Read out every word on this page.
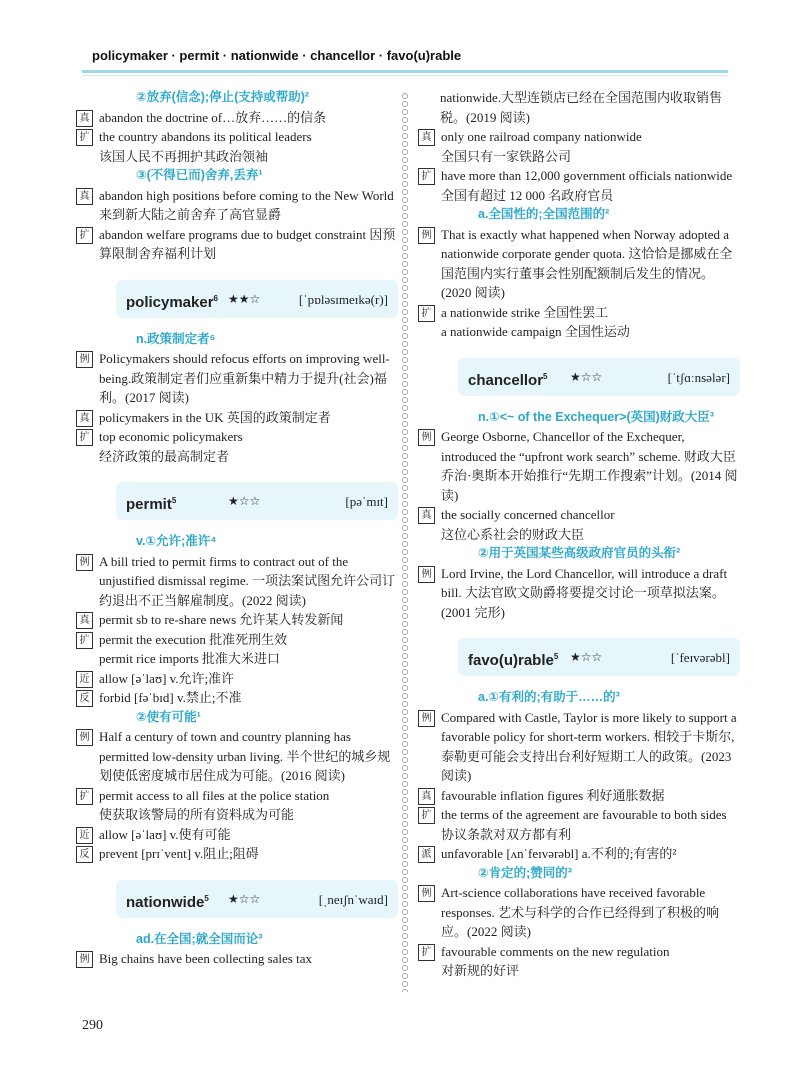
policymaker · permit · nationwide · chancellor · favo(u)rable
②放弃(信念);停止(支持或帮助)²
真 abandon the doctrine of…放弃……的信条
扩 the country abandons its political leaders
该国人民不再拥护其政治领袖
③(不得已而)舍弃,丢弃¹
真 abandon high positions before coming to the New World 来到新大陆之前舍弃了高官显爵
扩 abandon welfare programs due to budget constraint 因预算限制舍弃福利计划
policymaker$^6$ ★★☆	[ˈpɒləsɪmeɪkə(r)]
n.政策制定者⁶
例 Policymakers should refocus efforts on improving well-being.政策制定者们应重新集中精力于提升(社会)福利。(2017 阅读)
真 policymakers in the UK 英国的政策制定者
扩 top economic policymakers
经济政策的最高制定者
permit$^5$	★☆☆	[pəˈmɪt]
v.①允许;准许⁴
例 A bill tried to permit firms to contract out of the unjustified dismissal regime. 一项法案试图允许公司订约退出不正当解雇制度。(2022 阅读)
真 permit sb to re-share news 允许某人转发新闻
扩 permit the execution 批准死刑生效
permit rice imports 批准大米进口
近 allow [əˈlaʊ] v.允许;准许
反 forbid [fəˈbɪd] v.禁止;不准
②使有可能¹
例 Half a century of town and country planning has permitted low-density urban living. 半个世纪的城乡规划使低密度城市居住成为可能。(2016 阅读)
扩 permit access to all files at the police station
使获取该警局的所有资料成为可能
近 allow [əˈlaʊ] v.使有可能
反 prevent [prɪˈvent] v.阻止;阻碍
nationwide$^5$ ★☆☆	[ˌneɪʃnˈwaɪd]
ad.在全国;就全国而论³
例 Big chains have been collecting sales tax
nationwide.大型连锁店已经在全国范围内收取销售税。(2019 阅读)
真 only one railroad company nationwide
全国只有一家铁路公司
扩 have more than 12,000 government officials nationwide 全国有超过 12 000 名政府官员
a.全国性的;全国范围的²
例 That is exactly what happened when Norway adopted a nationwide corporate gender quota. 这恰恰是挪威在全国范围内实行董事会性别配额制后发生的情况。(2020 阅读)
扩 a nationwide strike 全国性罢工
a nationwide campaign 全国性运动
chancellor$^5$ ★☆☆	[ˈtʃɑːnsələr]
n.①<~ of the Exchequer>(英国)财政大臣³
例 George Osborne, Chancellor of the Exchequer, introduced the “upfront work search” scheme. 财政大臣乔治·奥斯本开始推行“先期工作搜索”计划。(2014 阅读)
真 the socially concerned chancellor
这位心系社会的财政大臣
②用于英国某些高级政府官员的头衔²
例 Lord Irvine, the Lord Chancellor, will introduce a draft bill. 大法官欧文勋爵将要提交讨论一项草拟法案。(2001 完形)
favo(u)rable$^5$ ★☆☆	[ˈfeɪvərəbl]
a.①有利的;有助于……的³
例 Compared with Castle, Taylor is more likely to support a favorable policy for short-term workers. 相较于卡斯尔,泰勒更可能会支持出台利好短期工人的政策。(2023 阅读)
真 favourable inflation figures 利好通胀数据
扩 the terms of the agreement are favourable to both sides 协议条款对双方都有利
派 unfavorable [ʌnˈfeɪvərəbl] a.不利的;有害的²
②肯定的;赞同的³
例 Art-science collaborations have received favorable responses. 艺术与科学的合作已经得到了积极的响应。(2022 阅读)
扩 favourable comments on the new regulation
对新规的好评
290
